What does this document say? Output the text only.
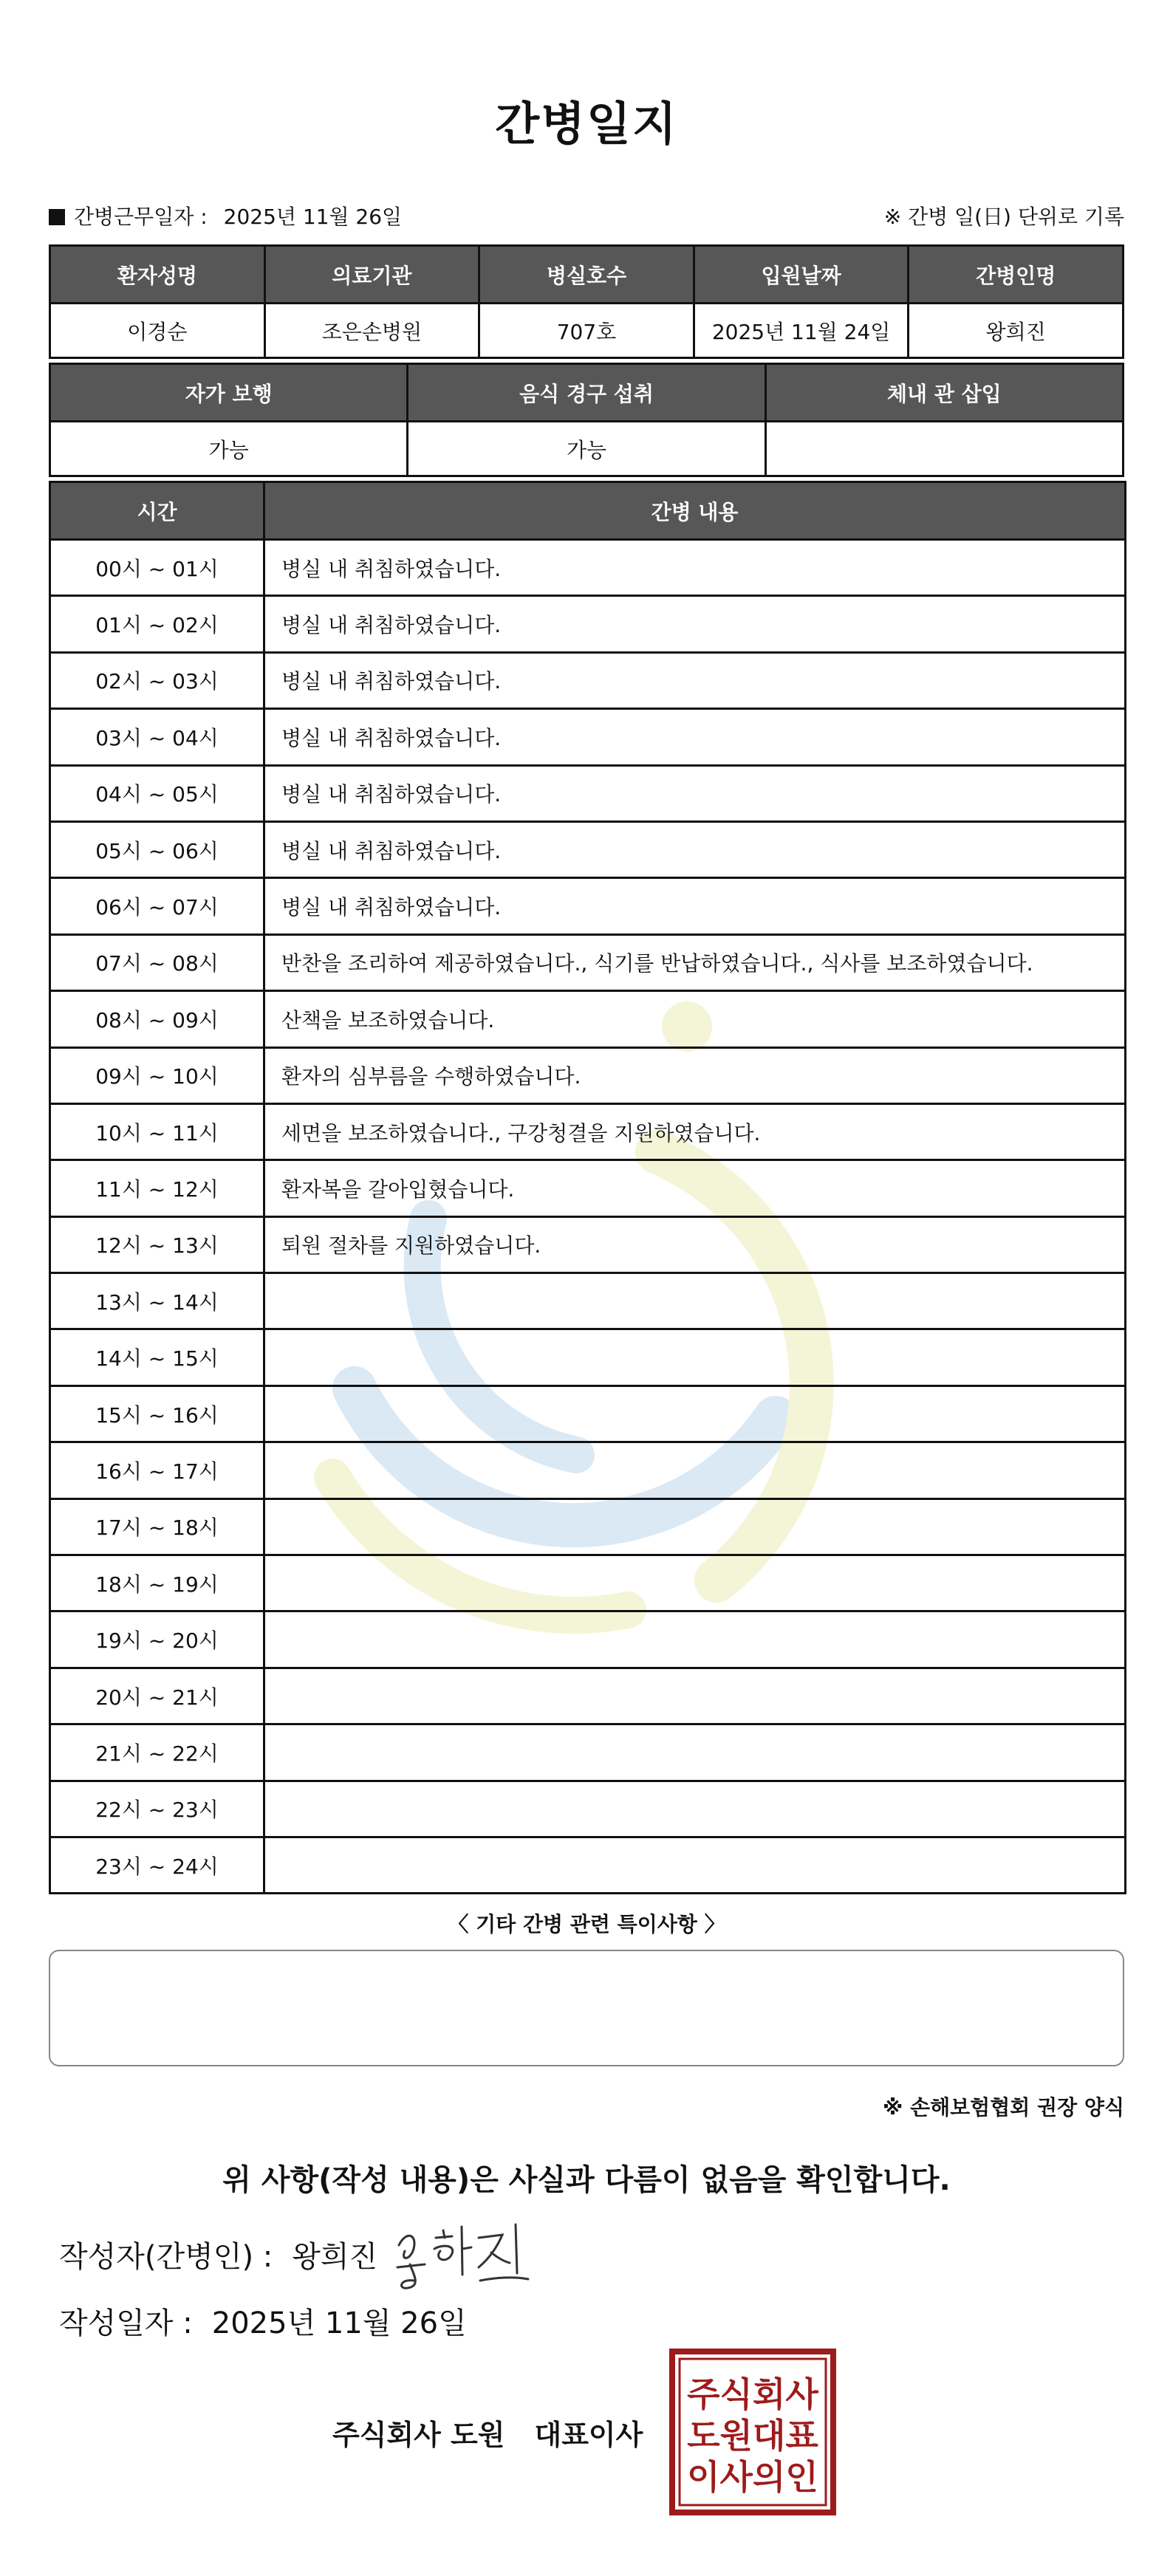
간병일지
간병근무일자 : 2025년 11월 26일	※ 간병 일(日) 단위로 기록
환자성명	의료기관	병실호수	입원날짜	간병인명
이경순	조은손병원	707호	2025년 11월 24일	왕희진
자가 보행	음식 경구 섭취	체내 관 삽입
가능	가능	
시간	간병 내용
00시 ~ 01시	병실 내 취침하였습니다.
01시 ~ 02시	병실 내 취침하였습니다.
02시 ~ 03시	병실 내 취침하였습니다.
03시 ~ 04시	병실 내 취침하였습니다.
04시 ~ 05시	병실 내 취침하였습니다.
05시 ~ 06시	병실 내 취침하였습니다.
06시 ~ 07시	병실 내 취침하였습니다.
07시 ~ 08시	반찬을 조리하여 제공하였습니다., 식기를 반납하였습니다., 식사를 보조하였습니다.
08시 ~ 09시	산책을 보조하였습니다.
09시 ~ 10시	환자의 심부름을 수행하였습니다.
10시 ~ 11시	세면을 보조하였습니다., 구강청결을 지원하였습니다.
11시 ~ 12시	환자복을 갈아입혔습니다.
12시 ~ 13시	퇴원 절차를 지원하였습니다.
13시 ~ 14시	
14시 ~ 15시	
15시 ~ 16시	
16시 ~ 17시	
17시 ~ 18시	
18시 ~ 19시	
19시 ~ 20시	
20시 ~ 21시	
21시 ~ 22시	
22시 ~ 23시	
23시 ~ 24시	
〈 기타 간병 관련 특이사항 〉
※ 손해보험협회 권장 양식
위 사항(작성 내용)은 사실과 다름이 없음을 확인합니다.
작성자(간병인) : 왕희진
작성일자 : 2025년 11월 26일
주식회사 도원 대표이사
주식회사
도원대표
이사의인
